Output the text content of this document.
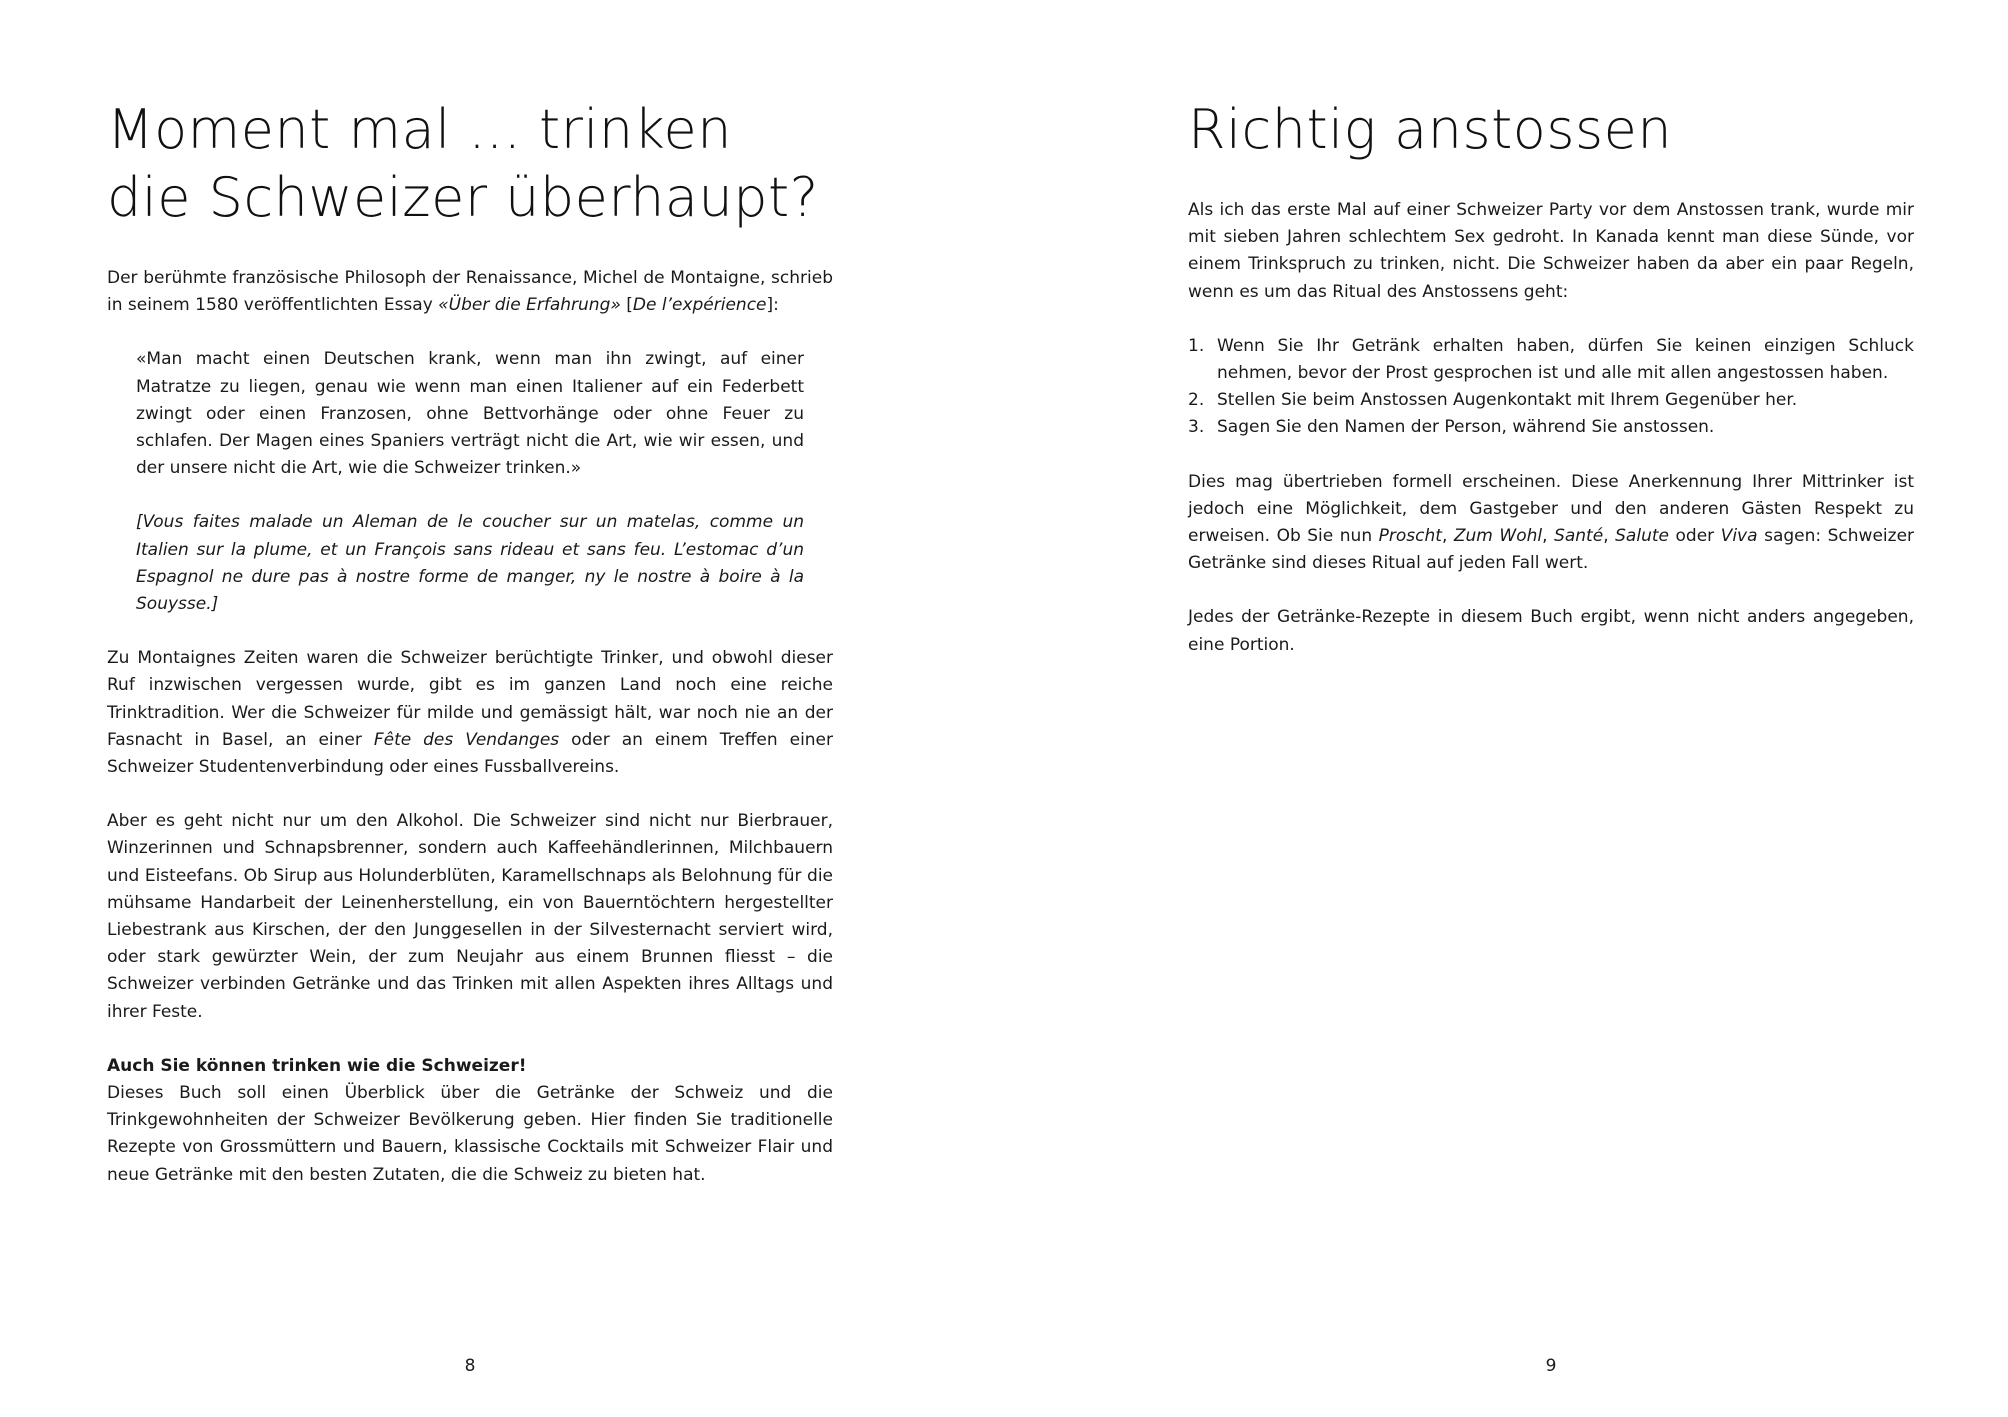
Moment mal ... trinken die Schweizer überhaupt?

Der berühmte französische Philosoph der Renaissance, Michel de Montaigne, schrieb in seinem 1580 veröffentlichten Essay «Über die Erfahrung» [De l’expérience]:

«Man macht einen Deutschen krank, wenn man ihn zwingt, auf einer Matratze zu liegen, genau wie wenn man einen Italiener auf ein Federbett zwingt oder einen Franzosen, ohne Bettvorhänge oder ohne Feuer zu schlafen. Der Magen eines Spaniers verträgt nicht die Art, wie wir essen, und der unsere nicht die Art, wie die Schweizer trinken.»

[Vous faites malade un Aleman de le coucher sur un matelas, comme un Italien sur la plume, et un François sans rideau et sans feu. L’estomac d’un Espagnol ne dure pas à nostre forme de manger, ny le nostre à boire à la Souysse.]

Zu Montaignes Zeiten waren die Schweizer berüchtigte Trinker, und obwohl dieser Ruf inzwischen vergessen wurde, gibt es im ganzen Land noch eine reiche Trinktradition. Wer die Schweizer für milde und gemässigt hält, war noch nie an der Fasnacht in Basel, an einer Fête des Vendanges oder an einem Treffen einer Schweizer Studentenverbindung oder eines Fussballvereins.

Aber es geht nicht nur um den Alkohol. Die Schweizer sind nicht nur Bierbrauer, Winzerinnen und Schnapsbrenner, sondern auch Kaffeehändlerinnen, Milchbauern und Eisteefans. Ob Sirup aus Holunderblüten, Karamellschnaps als Belohnung für die mühsame Handarbeit der Leinenherstellung, ein von Bauerntöchtern hergestellter Liebestrank aus Kirschen, der den Junggesellen in der Silvesternacht serviert wird, oder stark gewürzter Wein, der zum Neujahr aus einem Brunnen fliesst – die Schweizer verbinden Getränke und das Trinken mit allen Aspekten ihres Alltags und ihrer Feste.

Auch Sie können trinken wie die Schweizer!

Dieses Buch soll einen Überblick über die Getränke der Schweiz und die Trinkgewohnheiten der Schweizer Bevölkerung geben. Hier finden Sie traditionelle Rezepte von Grossmüttern und Bauern, klassische Cocktails mit Schweizer Flair und neue Getränke mit den besten Zutaten, die die Schweiz zu bieten hat.

8
Richtig anstossen

Als ich das erste Mal auf einer Schweizer Party vor dem Anstossen trank, wurde mir mit sieben Jahren schlechtem Sex gedroht. In Kanada kennt man diese Sünde, vor einem Trinkspruch zu trinken, nicht. Die Schweizer haben da aber ein paar Regeln, wenn es um das Ritual des Anstossens geht:

1. Wenn Sie Ihr Getränk erhalten haben, dürfen Sie keinen einzigen Schluck nehmen, bevor der Prost gesprochen ist und alle mit allen angestossen haben.
2. Stellen Sie beim Anstossen Augenkontakt mit Ihrem Gegenüber her.
3. Sagen Sie den Namen der Person, während Sie anstossen.

Dies mag übertrieben formell erscheinen. Diese Anerkennung Ihrer Mittrinker ist jedoch eine Möglichkeit, dem Gastgeber und den anderen Gästen Respekt zu erweisen. Ob Sie nun Proscht, Zum Wohl, Santé, Salute oder Viva sagen: Schweizer Getränke sind dieses Ritual auf jeden Fall wert.

Jedes der Getränke-Rezepte in diesem Buch ergibt, wenn nicht anders angegeben, eine Portion.

9
